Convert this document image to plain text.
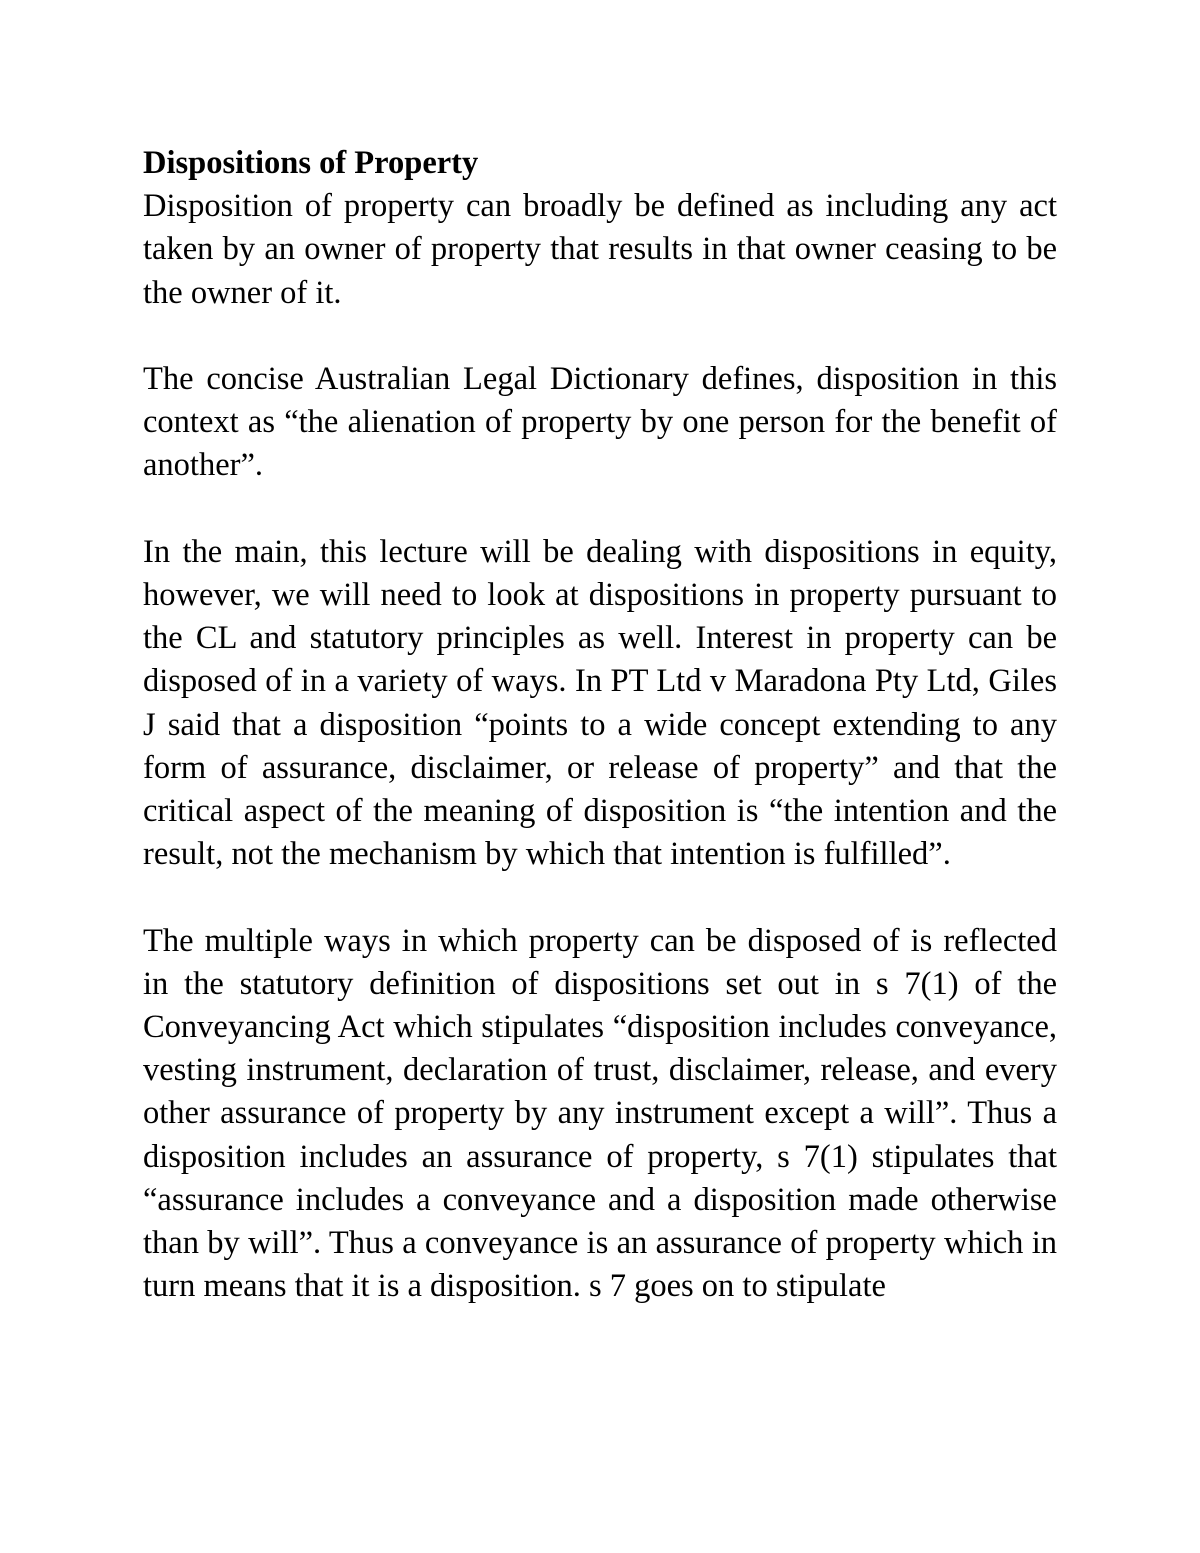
Dispositions of Property

Disposition of property can broadly be defined as including any act taken by an owner of property that results in that owner ceasing to be the owner of it.

The concise Australian Legal Dictionary defines, disposition in this context as “the alienation of property by one person for the benefit of another”.

In the main, this lecture will be dealing with dispositions in equity, however, we will need to look at dispositions in property pursuant to the CL and statutory principles as well. Interest in property can be disposed of in a variety of ways. In PT Ltd v Maradona Pty Ltd, Giles J said that a disposition “points to a wide concept extending to any form of assurance, disclaimer, or release of property” and that the critical aspect of the meaning of disposition is “the intention and the result, not the mechanism by which that intention is fulfilled”.

The multiple ways in which property can be disposed of is reflected in the statutory definition of dispositions set out in s 7(1) of the Conveyancing Act which stipulates “disposition includes conveyance, vesting instrument, declaration of trust, disclaimer, release, and every other assurance of property by any instrument except a will”. Thus a disposition includes an assurance of property, s 7(1) stipulates that “assurance includes a conveyance and a disposition made otherwise than by will”. Thus a conveyance is an assurance of property which in turn means that it is a disposition. s 7 goes on to stipulate
